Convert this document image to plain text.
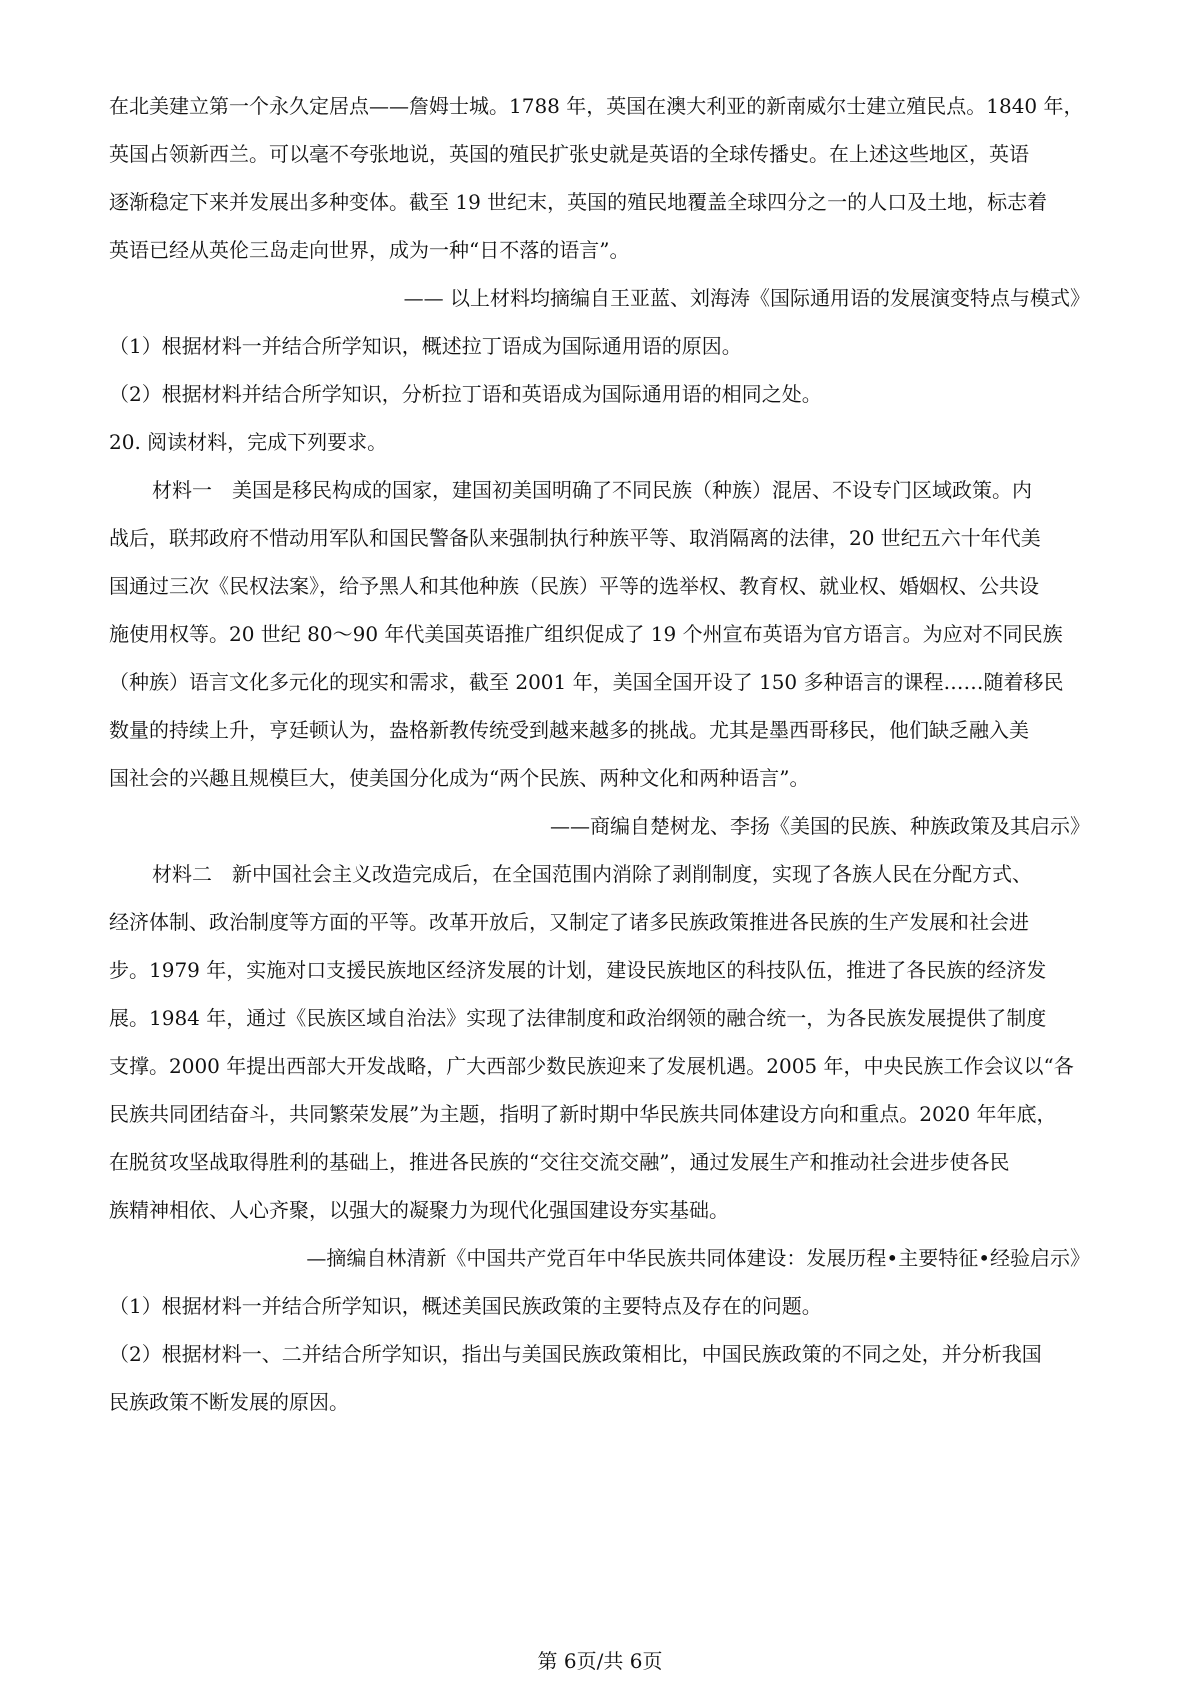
在北美建立第一个永久定居点——詹姆士城。1788 年，英国在澳大利亚的新南威尔士建立殖民点。1840 年，
英国占领新西兰。可以毫不夸张地说，英国的殖民扩张史就是英语的全球传播史。在上述这些地区，英语
逐渐稳定下来并发展出多种变体。截至 19 世纪末，英国的殖民地覆盖全球四分之一的人口及土地，标志着
英语已经从英伦三岛走向世界，成为一种“日不落的语言”。
—— 以上材料均摘编自王亚蓝、刘海涛《国际通用语的发展演变特点与模式》
（1）根据材料一并结合所学知识，概述拉丁语成为国际通用语的原因。
（2）根据材料并结合所学知识，分析拉丁语和英语成为国际通用语的相同之处。
20. 阅读材料，完成下列要求。
材料一　美国是移民构成的国家，建国初美国明确了不同民族（种族）混居、不设专门区域政策。内
战后，联邦政府不惜动用军队和国民警备队来强制执行种族平等、取消隔离的法律，20 世纪五六十年代美
国通过三次《民权法案》，给予黑人和其他种族（民族）平等的选举权、教育权、就业权、婚姻权、公共设
施使用权等。20 世纪 80～90 年代美国英语推广组织促成了 19 个州宣布英语为官方语言。为应对不同民族
（种族）语言文化多元化的现实和需求，截至 2001 年，美国全国开设了 150 多种语言的课程……随着移民
数量的持续上升，亨廷顿认为，盎格新教传统受到越来越多的挑战。尤其是墨西哥移民，他们缺乏融入美
国社会的兴趣且规模巨大，使美国分化成为“两个民族、两种文化和两种语言”。
——商编自楚树龙、李扬《美国的民族、种族政策及其启示》
材料二　新中国社会主义改造完成后，在全国范围内消除了剥削制度，实现了各族人民在分配方式、
经济体制、政治制度等方面的平等。改革开放后，又制定了诸多民族政策推进各民族的生产发展和社会进
步。1979 年，实施对口支援民族地区经济发展的计划，建设民族地区的科技队伍，推进了各民族的经济发
展。1984 年，通过《民族区域自治法》实现了法律制度和政治纲领的融合统一，为各民族发展提供了制度
支撑。2000 年提出西部大开发战略，广大西部少数民族迎来了发展机遇。2005 年，中央民族工作会议以“各
民族共同团结奋斗，共同繁荣发展”为主题，指明了新时期中华民族共同体建设方向和重点。2020 年年底，
在脱贫攻坚战取得胜利的基础上，推进各民族的“交往交流交融”，通过发展生产和推动社会进步使各民
族精神相依、人心齐聚，以强大的凝聚力为现代化强国建设夯实基础。
—摘编自林清新《中国共产党百年中华民族共同体建设：发展历程•主要特征•经验启示》
（1）根据材料一并结合所学知识，概述美国民族政策的主要特点及存在的问题。
（2）根据材料一、二并结合所学知识，指出与美国民族政策相比，中国民族政策的不同之处，并分析我国
民族政策不断发展的原因。
第 6页/共 6页
